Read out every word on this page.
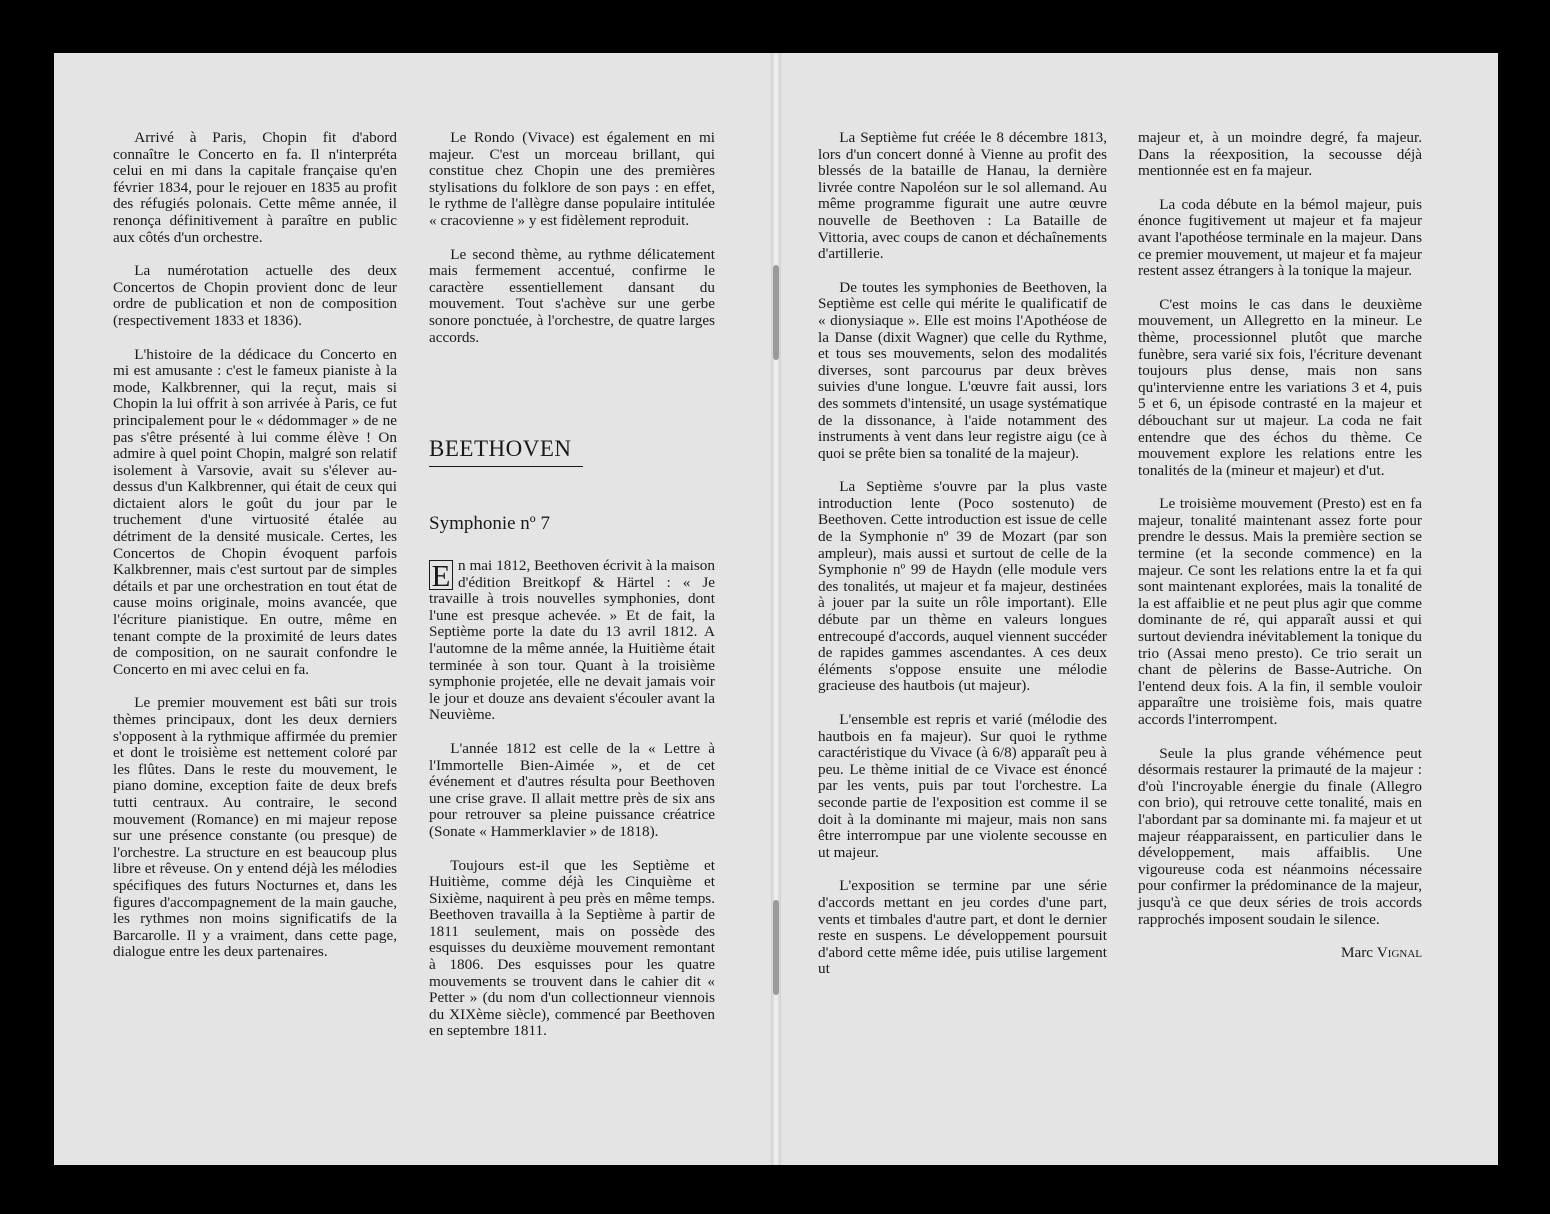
Arrivé à Paris, Chopin fit d'abord connaître le Concerto en fa. Il n'interpréta celui en mi dans la capitale française qu'en février 1834, pour le rejouer en 1835 au profit des réfugiés polonais. Cette même année, il renonça définitivement à paraître en public aux côtés d'un orchestre.

La numérotation actuelle des deux Concertos de Chopin provient donc de leur ordre de publication et non de composition (respectivement 1833 et 1836).

L'histoire de la dédicace du Concerto en mi est amusante : c'est le fameux pianiste à la mode, Kalkbrenner, qui la reçut, mais si Chopin la lui offrit à son arrivée à Paris, ce fut principalement pour le « dédommager » de ne pas s'être présenté à lui comme élève ! On admire à quel point Chopin, malgré son relatif isolement à Varsovie, avait su s'élever au-dessus d'un Kalkbrenner, qui était de ceux qui dictaient alors le goût du jour par le truchement d'une virtuosité étalée au détriment de la densité musicale. Certes, les Concertos de Chopin évoquent parfois Kalkbrenner, mais c'est surtout par de simples détails et par une orchestration en tout état de cause moins originale, moins avancée, que l'écriture pianistique. En outre, même en tenant compte de la proximité de leurs dates de composition, on ne saurait confondre le Concerto en mi avec celui en fa.

Le premier mouvement est bâti sur trois thèmes principaux, dont les deux derniers s'opposent à la rythmique affirmée du premier et dont le troisième est nettement coloré par les flûtes. Dans le reste du mouvement, le piano domine, exception faite de deux brefs tutti centraux. Au contraire, le second mouvement (Romance) en mi majeur repose sur une présence constante (ou presque) de l'orchestre. La structure en est beaucoup plus libre et rêveuse. On y entend déjà les mélodies spécifiques des futurs Nocturnes et, dans les figures d'accompagnement de la main gauche, les rythmes non moins significatifs de la Barcarolle. Il y a vraiment, dans cette page, dialogue entre les deux partenaires.

Le Rondo (Vivace) est également en mi majeur. C'est un morceau brillant, qui constitue chez Chopin une des premières stylisations du folklore de son pays : en effet, le rythme de l'allègre danse populaire intitulée « cracovienne » y est fidèlement reproduit.

Le second thème, au rythme délicatement mais fermement accentué, confirme le caractère essentiellement dansant du mouvement. Tout s'achève sur une gerbe sonore ponctuée, à l'orchestre, de quatre larges accords.

BEETHOVEN
Symphonie nº 7

E n mai 1812, Beethoven écrivit à la maison d'édition Breitkopf & Härtel : « Je travaille à trois nouvelles symphonies, dont l'une est presque achevée. » Et de fait, la Septième porte la date du 13 avril 1812. A l'automne de la même année, la Huitième était terminée à son tour. Quant à la troisième symphonie projetée, elle ne devait jamais voir le jour et douze ans devaient s'écouler avant la Neuvième.

L'année 1812 est celle de la « Lettre à l'Immortelle Bien-Aimée », et de cet événement et d'autres résulta pour Beethoven une crise grave. Il allait mettre près de six ans pour retrouver sa pleine puissance créatrice (Sonate « Hammerklavier » de 1818).

Toujours est-il que les Septième et Huitième, comme déjà les Cinquième et Sixième, naquirent à peu près en même temps. Beethoven travailla à la Septième à partir de 1811 seulement, mais on possède des esquisses du deuxième mouvement remontant à 1806. Des esquisses pour les quatre mouvements se trouvent dans le cahier dit « Petter » (du nom d'un collectionneur viennois du XIXème siècle), commencé par Beethoven en septembre 1811.

La Septième fut créée le 8 décembre 1813, lors d'un concert donné à Vienne au profit des blessés de la bataille de Hanau, la dernière livrée contre Napoléon sur le sol allemand. Au même programme figurait une autre œuvre nouvelle de Beethoven : La Bataille de Vittoria, avec coups de canon et déchaînements d'artillerie.

De toutes les symphonies de Beethoven, la Septième est celle qui mérite le qualificatif de « dionysiaque ». Elle est moins l'Apothéose de la Danse (dixit Wagner) que celle du Rythme, et tous ses mouvements, selon des modalités diverses, sont parcourus par deux brèves suivies d'une longue. L'œuvre fait aussi, lors des sommets d'intensité, un usage systématique de la dissonance, à l'aide notamment des instruments à vent dans leur registre aigu (ce à quoi se prête bien sa tonalité de la majeur).

La Septième s'ouvre par la plus vaste introduction lente (Poco sostenuto) de Beethoven. Cette introduction est issue de celle de la Symphonie nº 39 de Mozart (par son ampleur), mais aussi et surtout de celle de la Symphonie nº 99 de Haydn (elle module vers des tonalités, ut majeur et fa majeur, destinées à jouer par la suite un rôle important). Elle débute par un thème en valeurs longues entrecoupé d'accords, auquel viennent succéder de rapides gammes ascendantes. A ces deux éléments s'oppose ensuite une mélodie gracieuse des hautbois (ut majeur).

L'ensemble est repris et varié (mélodie des hautbois en fa majeur). Sur quoi le rythme caractéristique du Vivace (à 6/8) apparaît peu à peu. Le thème initial de ce Vivace est énoncé par les vents, puis par tout l'orchestre. La seconde partie de l'exposition est comme il se doit à la dominante mi majeur, mais non sans être interrompue par une violente secousse en ut majeur.

L'exposition se termine par une série d'accords mettant en jeu cordes d'une part, vents et timbales d'autre part, et dont le dernier reste en suspens. Le développement poursuit d'abord cette même idée, puis utilise largement ut

majeur et, à un moindre degré, fa majeur. Dans la réexposition, la secousse déjà mentionnée est en fa majeur.

La coda débute en la bémol majeur, puis énonce fugitivement ut majeur et fa majeur avant l'apothéose terminale en la majeur. Dans ce premier mouvement, ut majeur et fa majeur restent assez étrangers à la tonique la majeur.

C'est moins le cas dans le deuxième mouvement, un Allegretto en la mineur. Le thème, processionnel plutôt que marche funèbre, sera varié six fois, l'écriture devenant toujours plus dense, mais non sans qu'intervienne entre les variations 3 et 4, puis 5 et 6, un épisode contrasté en la majeur et débouchant sur ut majeur. La coda ne fait entendre que des échos du thème. Ce mouvement explore les relations entre les tonalités de la (mineur et majeur) et d'ut.

Le troisième mouvement (Presto) est en fa majeur, tonalité maintenant assez forte pour prendre le dessus. Mais la première section se termine (et la seconde commence) en la majeur. Ce sont les relations entre la et fa qui sont maintenant explorées, mais la tonalité de la est affaiblie et ne peut plus agir que comme dominante de ré, qui apparaît aussi et qui surtout deviendra inévitablement la tonique du trio (Assai meno presto). Ce trio serait un chant de pèlerins de Basse-Autriche. On l'entend deux fois. A la fin, il semble vouloir apparaître une troisième fois, mais quatre accords l'interrompent.

Seule la plus grande véhémence peut désormais restaurer la primauté de la majeur : d'où l'incroyable énergie du finale (Allegro con brio), qui retrouve cette tonalité, mais en l'abordant par sa dominante mi. fa majeur et ut majeur réapparaissent, en particulier dans le développement, mais affaiblis. Une vigoureuse coda est néanmoins nécessaire pour confirmer la prédominance de la majeur, jusqu'à ce que deux séries de trois accords rapprochés imposent soudain le silence.

Marc Vignal
